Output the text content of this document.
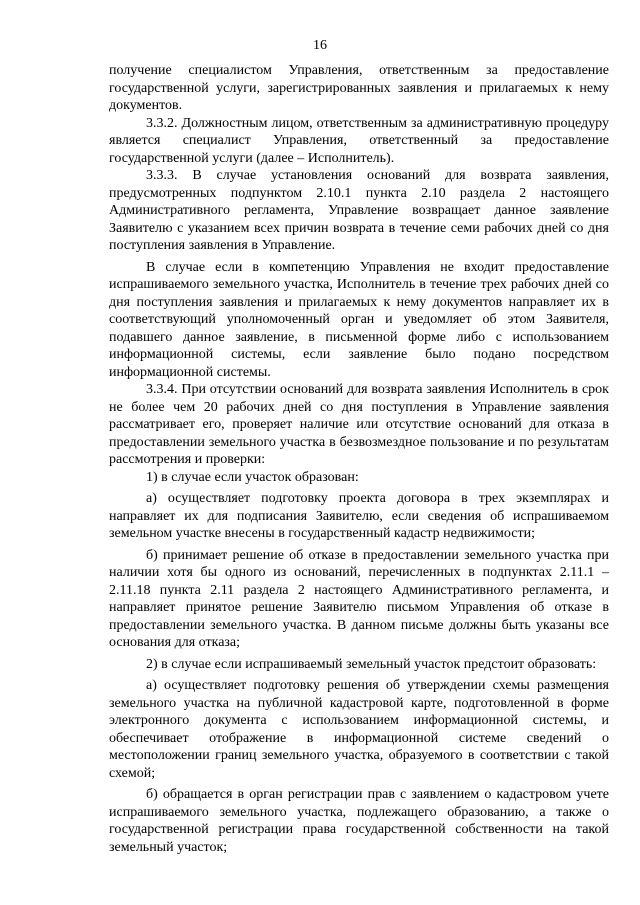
16

получение специалистом Управления, ответственным за предоставление государственной услуги, зарегистрированных заявления и прилагаемых к нему документов.

3.3.2. Должностным лицом, ответственным за административную процедуру является специалист Управления, ответственный за предоставление государственной услуги (далее – Исполнитель).

3.3.3. В случае установления оснований для возврата заявления, предусмотренных подпунктом 2.10.1 пункта 2.10 раздела 2 настоящего Административного регламента, Управление возвращает данное заявление Заявителю с указанием всех причин возврата в течение семи рабочих дней со дня поступления заявления в Управление.

В случае если в компетенцию Управления не входит предоставление испрашиваемого земельного участка, Исполнитель в течение трех рабочих дней со дня поступления заявления и прилагаемых к нему документов направляет их в соответствующий уполномоченный орган и уведомляет об этом Заявителя, подавшего данное заявление, в письменной форме либо с использованием информационной системы, если заявление было подано посредством информационной системы.

3.3.4. При отсутствии оснований для возврата заявления Исполнитель в срок не более чем 20 рабочих дней со дня поступления в Управление заявления рассматривает его, проверяет наличие или отсутствие оснований для отказа в предоставлении земельного участка в безвозмездное пользование и по результатам рассмотрения и проверки:

1) в случае если участок образован:

а) осуществляет подготовку проекта договора в трех экземплярах и направляет их для подписания Заявителю, если сведения об испрашиваемом земельном участке внесены в государственный кадастр недвижимости;

б) принимает решение об отказе в предоставлении земельного участка при наличии хотя бы одного из оснований, перечисленных в подпунктах 2.11.1 – 2.11.18 пункта 2.11 раздела 2 настоящего Административного регламента, и направляет принятое решение Заявителю письмом Управления об отказе в предоставлении земельного участка. В данном письме должны быть указаны все основания для отказа;

2) в случае если испрашиваемый земельный участок предстоит образовать:

а) осуществляет подготовку решения об утверждении схемы размещения земельного участка на публичной кадастровой карте, подготовленной в форме электронного документа с использованием информационной системы, и обеспечивает отображение в информационной системе сведений о местоположении границ земельного участка, образуемого в соответствии с такой схемой;

б) обращается в орган регистрации прав с заявлением о кадастровом учете испрашиваемого земельного участка, подлежащего образованию, а также о государственной регистрации права государственной собственности на такой земельный участок;
